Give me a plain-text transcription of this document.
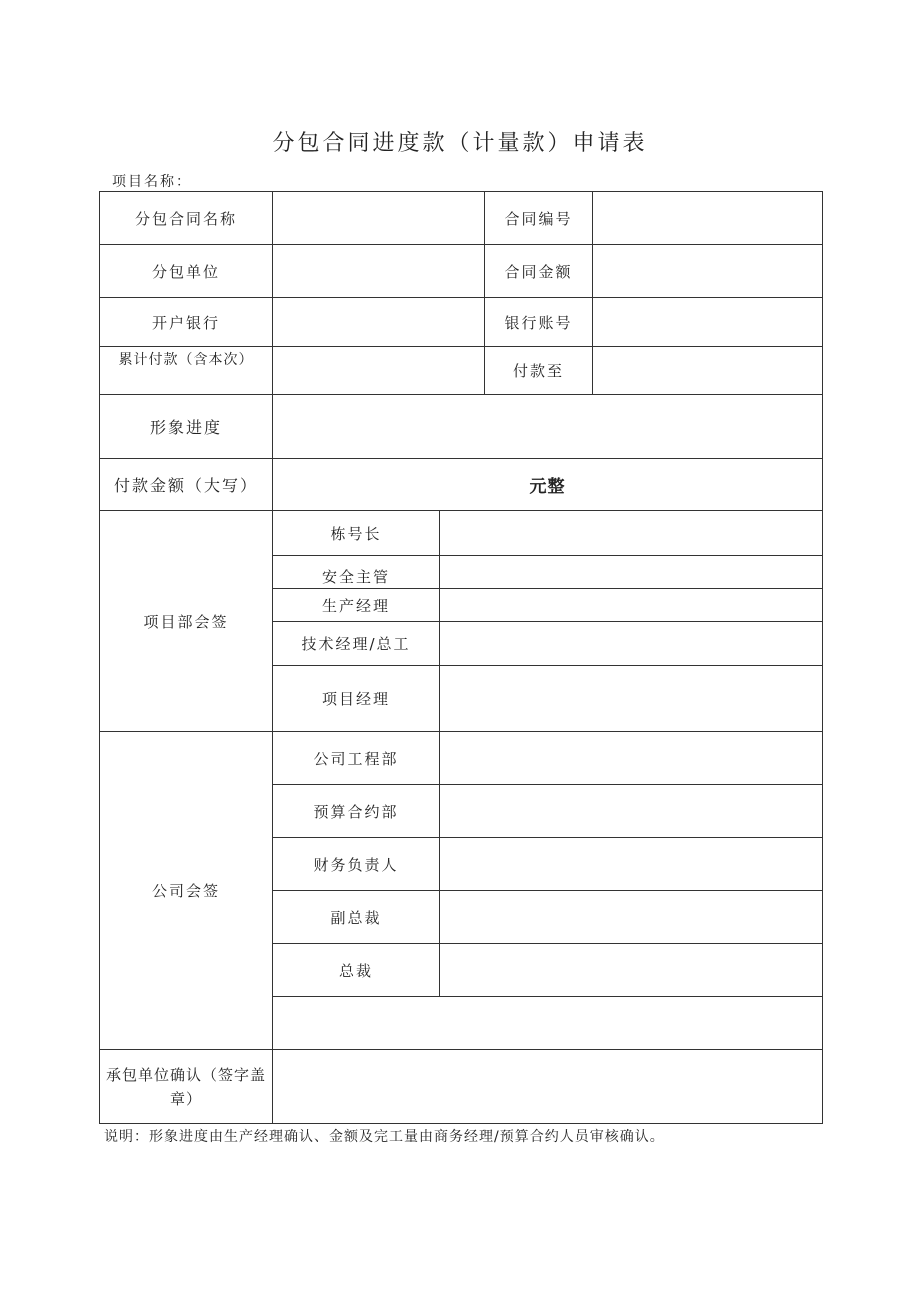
分包合同进度款（计量款）申请表
项目名称：
分包合同名称			合同编号	
分包单位			合同金额	
开户银行			银行账号	
累计付款（含本次）			付款至	
形象进度				
付款金额（大写）	元整			
项目部会签	栋号长			
	安全主管			
	生产经理			
	技术经理/总工			
	项目经理			
公司会签	公司工程部			
	预算合约部			
	财务负责人			
	副总裁			
	总裁			

承包单位确认（签字盖章）				
说明：形象进度由生产经理确认、金额及完工量由商务经理/预算合约人员审核确认。
